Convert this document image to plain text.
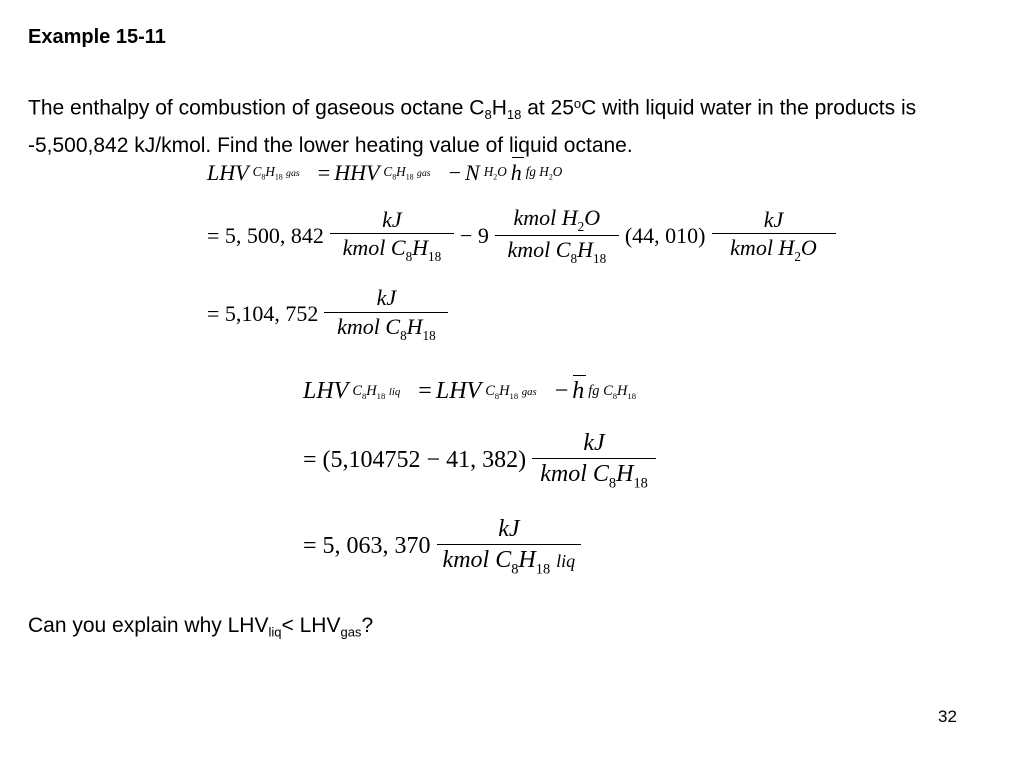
Example 15-11

The enthalpy of combustion of gaseous octane $C_8H_{18}$ at 25$^o$C with liquid water in the products is -5,500,842 kJ/kmol. Find the lower heating value of liquid octane.

LHV $C_8H_{18}$ gas = HHV $C_8H_{18}$ gas − N $H_2O$ h fg $H_2O$
= 5, 500, $842 \frac{kJ}{kmol C_8H_{18}} - 9 \frac{kmol H_2O}{kmol C_8H_{18}} (44$, $010) \frac{kJ}{kmol H_2O}$
= 5,104, $752 \frac{kJ}{kmol C_8H_{18}}$
LHV $C_8H_{18}$ liq = LHV $C_8H_{18}$ gas − h fg $C_8H_{18}$
= (5,104752 − 41, $382) \frac{kJ}{kmol C_8H_{18}}$
= 5, 063, $370 \frac{kJ}{kmol C_8H_{18} liq}$

Can you explain why $LHV_{liq}< LHV_{gas}$?

32
